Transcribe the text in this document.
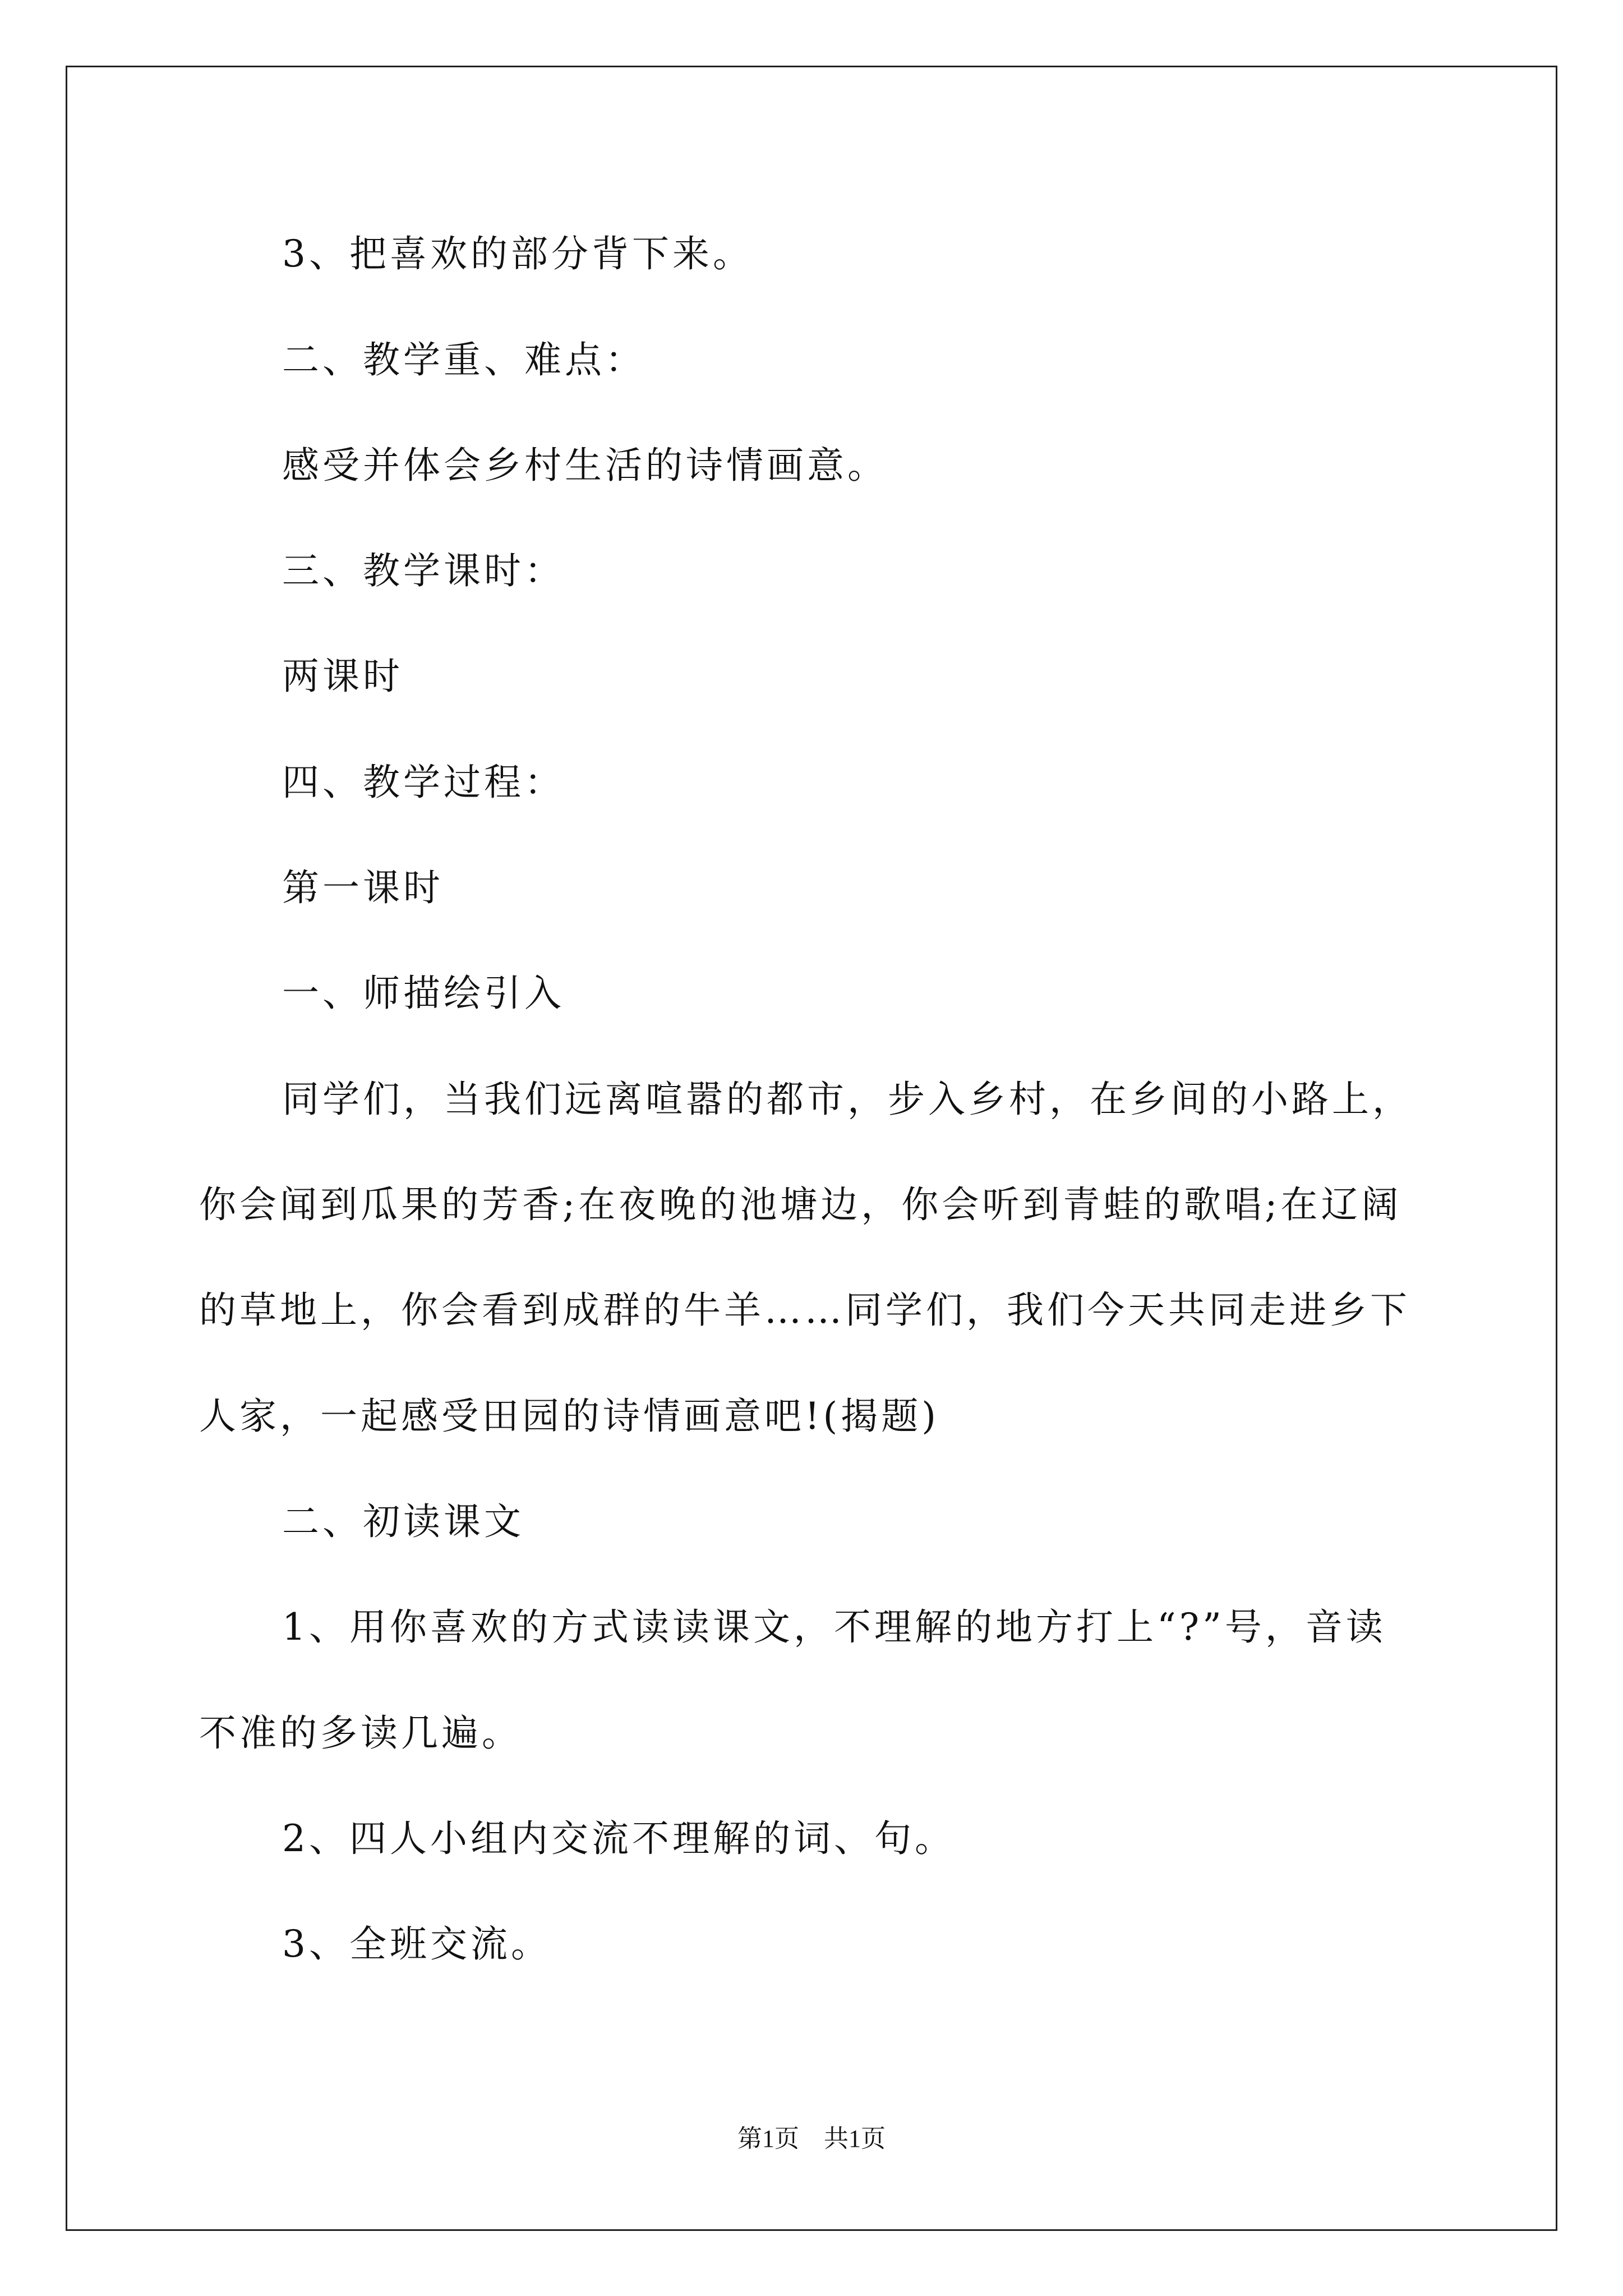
3、把喜欢的部分背下来。
二、教学重、难点：
感受并体会乡村生活的诗情画意。
三、教学课时：
两课时
四、教学过程：
第一课时
一、师描绘引入
同学们，当我们远离喧嚣的都市，步入乡村，在乡间的小路上，
你会闻到瓜果的芳香;在夜晚的池塘边，你会听到青蛙的歌唱;在辽阔
的草地上，你会看到成群的牛羊……同学们，我们今天共同走进乡下
人家，一起感受田园的诗情画意吧!(揭题)
二、初读课文
1、用你喜欢的方式读读课文，不理解的地方打上“?”号，音读
不准的多读几遍。
2、四人小组内交流不理解的词、句。
3、全班交流。
第1页　共1页
